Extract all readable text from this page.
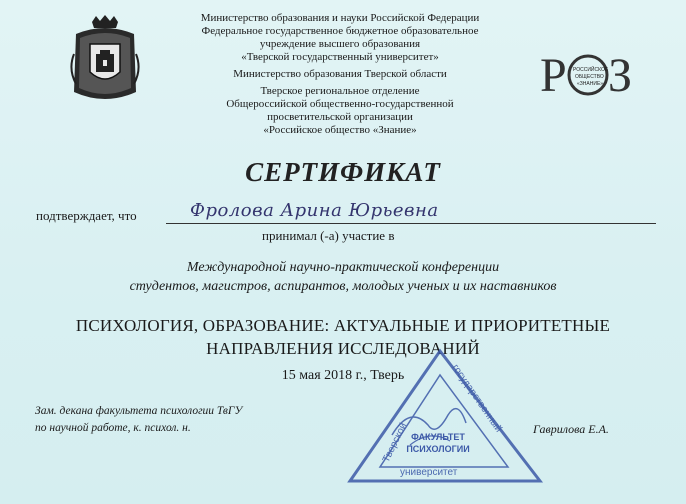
Министерство образования и науки Российской Федерации
Федеральное государственное бюджетное образовательное
учреждение высшего образования
«Тверской государственный университет»
Министерство образования Тверской области
Тверское региональное отделение
Общероссийской общественно-государственной
просветительской организации
«Российское общество «Знание»
Р З
РОССИЙСКОЕ
ОБЩЕСТВО
«ЗНАНИЕ»
СЕРТИФИКАТ
подтверждает, что	Фролова Арина Юрьевна
принимал (-а) участие в
Международной научно-практической конференции
студентов, магистров, аспирантов, молодых ученых и их наставников
ПСИХОЛОГИЯ, ОБРАЗОВАНИЕ: АКТУАЛЬНЫЕ И ПРИОРИТЕТНЫЕ
НАПРАВЛЕНИЯ ИССЛЕДОВАНИЙ
15 мая 2018 г., Тверь
Зам. декана факультета психологии ТвГУ
по научной работе, к. психол. н.
Тверской
государственный
университет
ФАКУЛЬТЕТ
ПСИХОЛОГИИ
Гаврилова Е.А.
